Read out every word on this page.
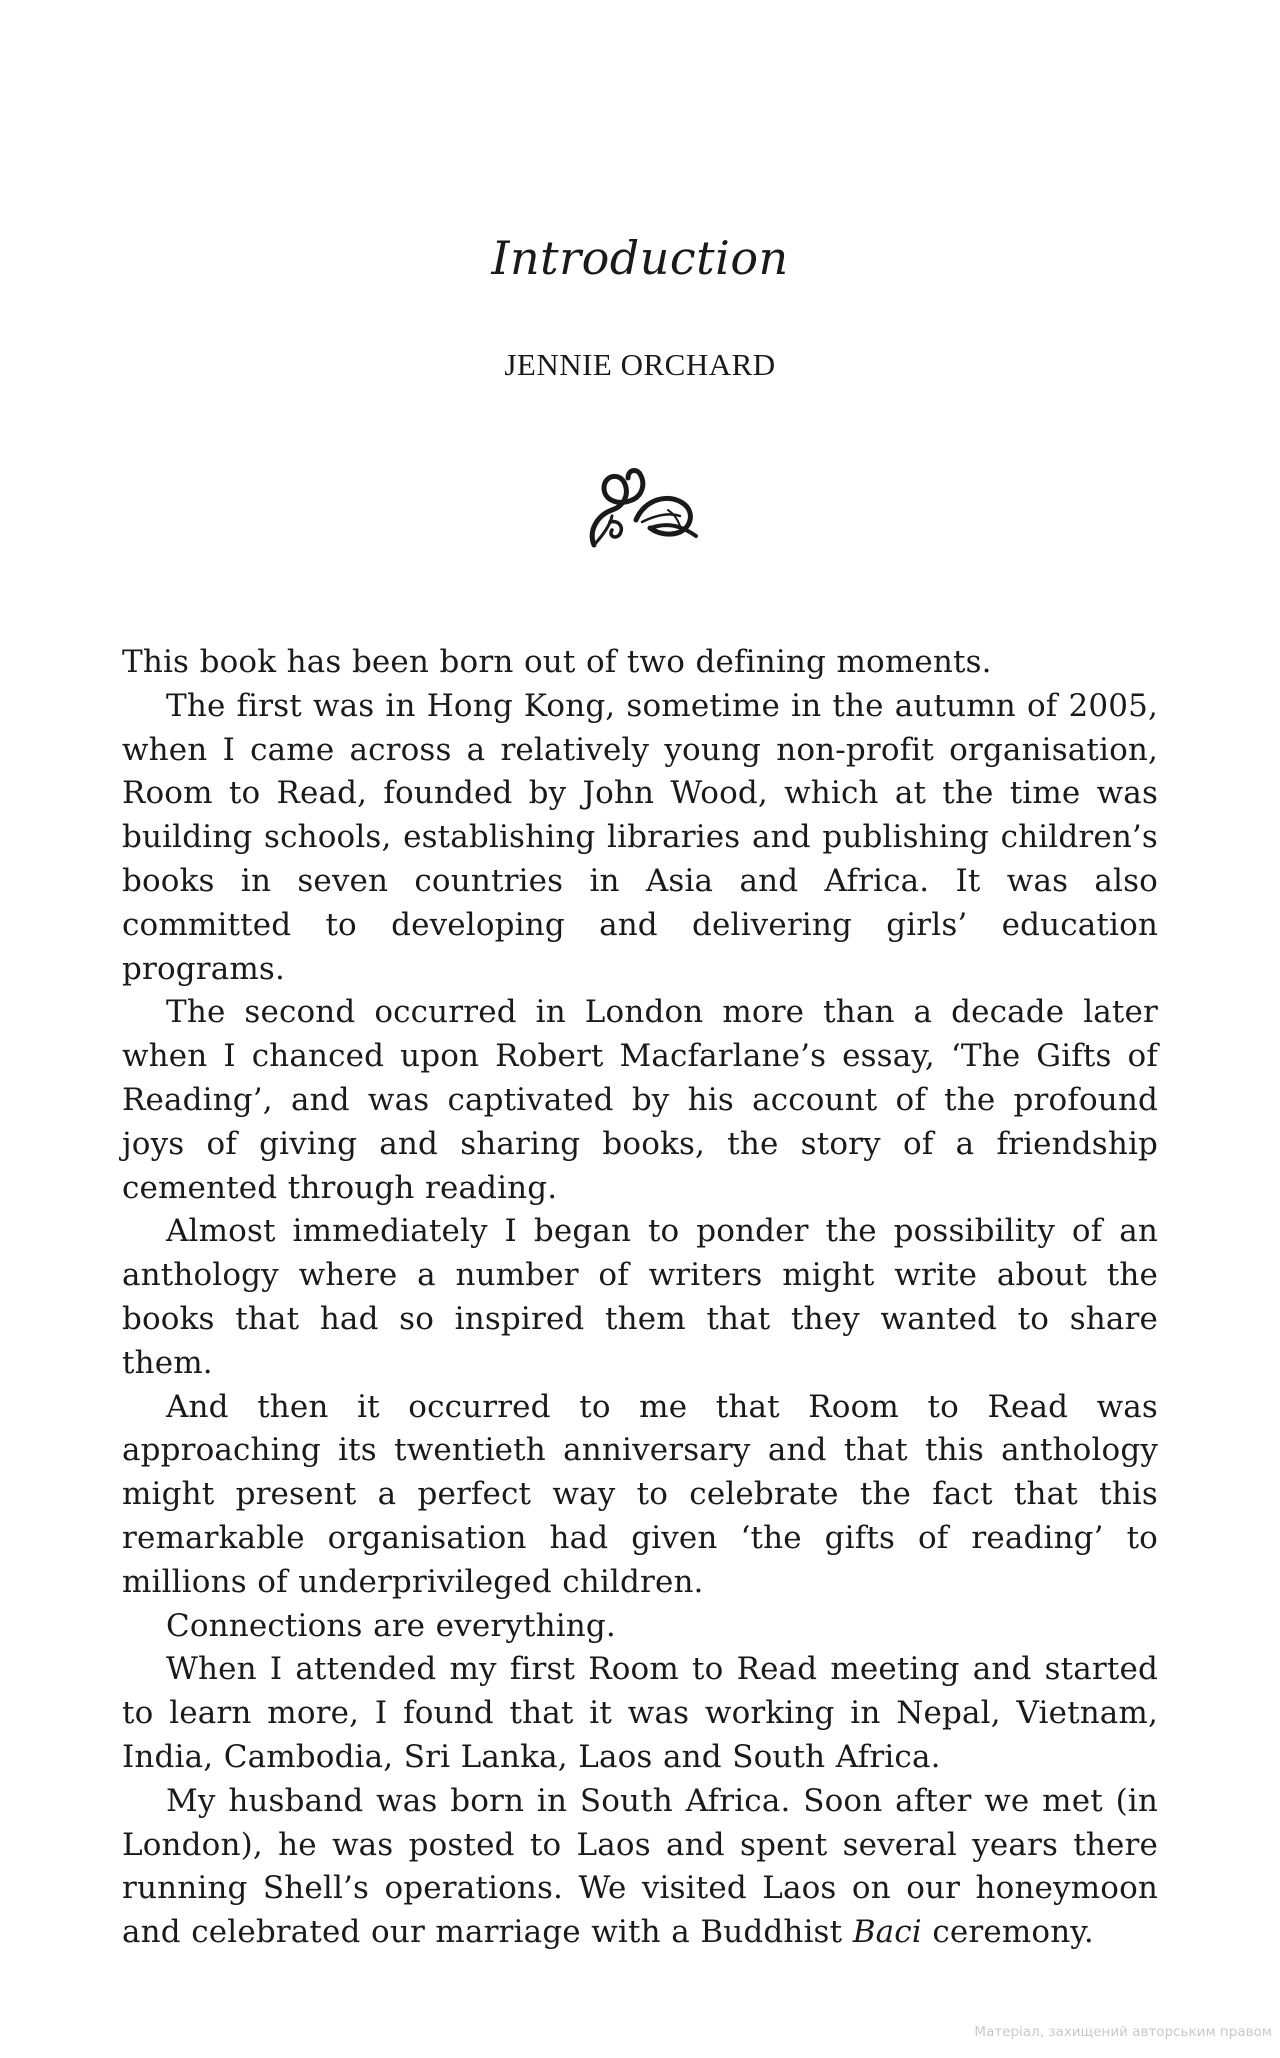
Introduction
JENNIE ORCHARD

This book has been born out of two defining moments.

The first was in Hong Kong, sometime in the autumn of 2005, when I came across a relatively young non-profit organisation, Room to Read, founded by John Wood, which at the time was building schools, establishing libraries and publishing children’s books in seven countries in Asia and Africa. It was also committed to developing and delivering girls’ education programs.

The second occurred in London more than a decade later when I chanced upon Robert Macfarlane’s essay, ‘The Gifts of Reading’, and was captivated by his account of the profound joys of giving and sharing books, the story of a friendship cemented through reading.

Almost immediately I began to ponder the possibility of an anthology where a number of writers might write about the books that had so inspired them that they wanted to share them.

And then it occurred to me that Room to Read was approaching its twentieth anniversary and that this anthology might present a perfect way to celebrate the fact that this remarkable organisation had given ‘the gifts of reading’ to millions of underprivileged children.

Connections are everything.

When I attended my first Room to Read meeting and started to learn more, I found that it was working in Nepal, Vietnam, India, Cambodia, Sri Lanka, Laos and South Africa.

My husband was born in South Africa. Soon after we met (in London), he was posted to Laos and spent several years there running Shell’s operations. We visited Laos on our honeymoon and celebrated our marriage with a Buddhist Baci ceremony.

Матеріал, захищений авторським правом
